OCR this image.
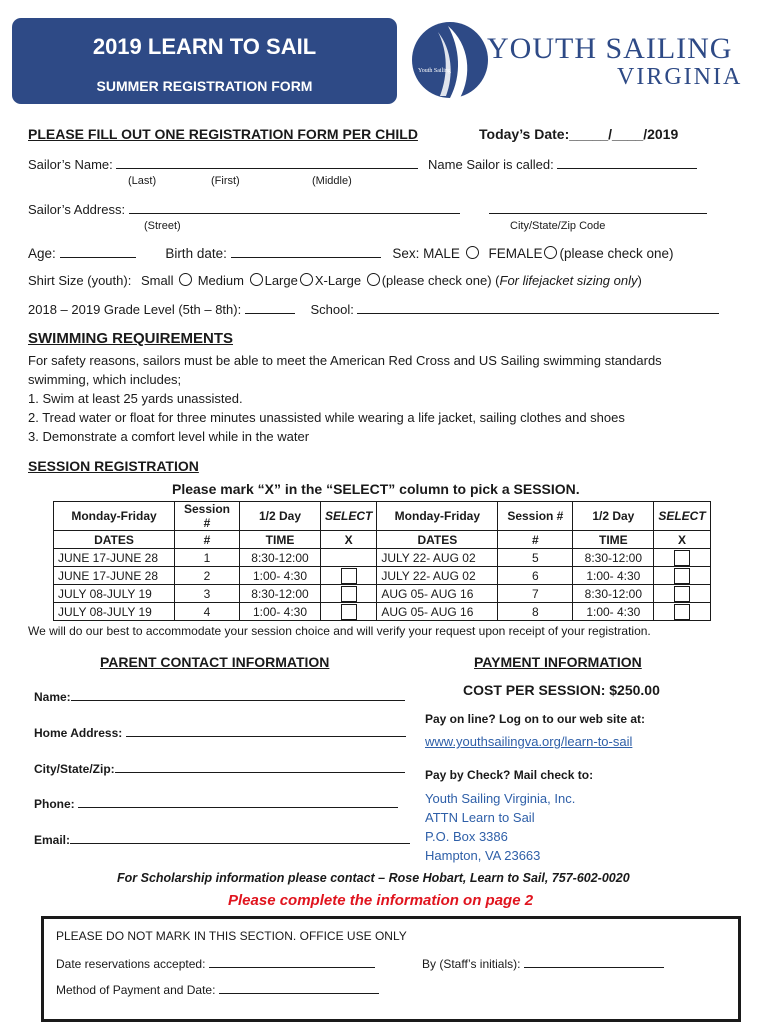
2019 LEARN TO SAIL
SUMMER REGISTRATION FORM
Youth Sailing
YOUTH SAILING
VIRGINIA
PLEASE FILL OUT ONE REGISTRATION FORM PER CHILD	Today’s Date:_____/____/2019
Sailor’s Name:	Name Sailor is called:
(Last)	(First)	(Middle)
Sailor’s Address:
(Street)	City/State/Zip Code
Age:	Birth date:	Sex: MALE FEMALE (please check one)
Shirt Size (youth): Small Medium Large X-Large (please check one) (For lifejacket sizing only)
2018 – 2019 Grade Level (5th – 8th):	School:
SWIMMING REQUIREMENTS
For safety reasons, sailors must be able to meet the American Red Cross and US Sailing swimming standards
swimming, which includes;
1. Swim at least 25 yards unassisted.
2. Tread water or float for three minutes unassisted while wearing a life jacket, sailing clothes and shoes
3. Demonstrate a comfort level while in the water
SESSION REGISTRATION
Please mark “X” in the “SELECT” column to pick a SESSION.
Monday-Friday	Session #	1/2 Day	SELECT	Monday-Friday	Session #	1/2 Day	SELECT
DATES	#	TIME	X	DATES	#	TIME	X
JUNE 17-JUNE 28	1	8:30-12:00		JULY 22- AUG 02	5	8:30-12:00	
JUNE 17-JUNE 28	2	1:00- 4:30		JULY 22- AUG 02	6	1:00- 4:30	
JULY 08-JULY 19	3	8:30-12:00		AUG 05- AUG 16	7	8:30-12:00	
JULY 08-JULY 19	4	1:00- 4:30		AUG 05- AUG 16	8	1:00- 4:30	
We will do our best to accommodate your session choice and will verify your request upon receipt of your registration.
PARENT CONTACT INFORMATION
Name:
Home Address:
City/State/Zip:
Phone:
Email:
PAYMENT INFORMATION
COST PER SESSION: $250.00
Pay on line? Log on to our web site at:
www.youthsailingva.org/learn-to-sail
Pay by Check? Mail check to:
Youth Sailing Virginia, Inc.
ATTN Learn to Sail
P.O. Box 3386
Hampton, VA 23663
For Scholarship information please contact – Rose Hobart, Learn to Sail, 757-602-0020
Please complete the information on page 2
PLEASE DO NOT MARK IN THIS SECTION. OFFICE USE ONLY
Date reservations accepted:	By (Staff’s initials):
Method of Payment and Date:
